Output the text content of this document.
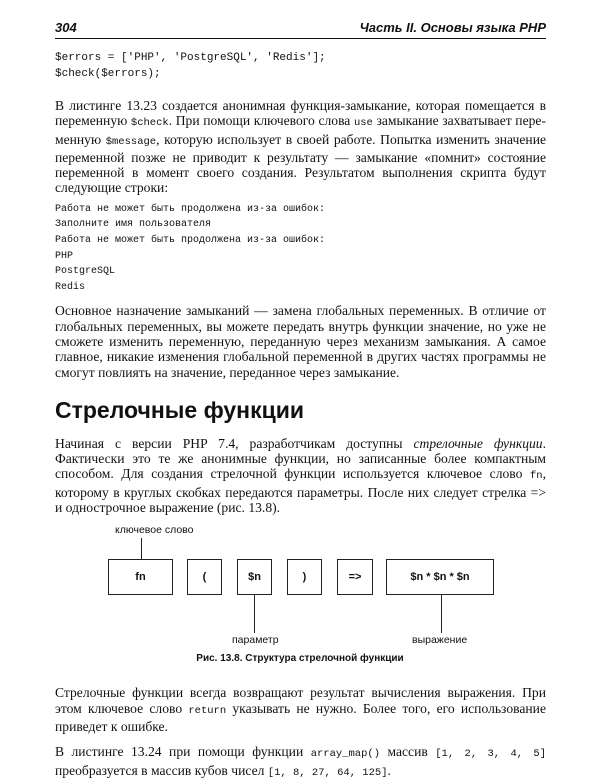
304	Часть II. Основы языка PHP
$errors = ['PHP', 'PostgreSQL', 'Redis'];
$check($errors);
В листинге 13.23 создается анонимная функция-замыкание, которая помещается в переменную $check. При помощи ключевого слова use замыкание захватывает переменную $message, которую использует в своей работе. Попытка изменить значение переменной позже не приводит к результату — замыкание «помнит» состояние переменной в момент своего создания. Результатом выполнения скрипта будут следующие строки:
Работа не может быть продолжена из-за ошибок:
Заполните имя пользователя
Работа не может быть продолжена из-за ошибок:
PHP
PostgreSQL
Redis
Основное назначение замыканий — замена глобальных переменных. В отличие от глобальных переменных, вы можете передать внутрь функции значение, но уже не сможете изменить переменную, переданную через механизм замыкания. А самое главное, никакие изменения глобальной переменной в других частях программы не смогут повлиять на значение, переданное через замыкание.
Стрелочные функции
Начиная с версии PHP 7.4, разработчикам доступны стрелочные функции. Фактически это те же анонимные функции, но записанные более компактным способом. Для создания стрелочной функции используется ключевое слово fn, которому в круглых скобках передаются параметры. После них следует стрелка => и однострочное выражение (рис. 13.8).
ключевое слово
fn	(	$n	)	=>	$n * $n * $n
параметр	выражение
Рис. 13.8. Структура стрелочной функции
Стрелочные функции всегда возвращают результат вычисления выражения. При этом ключевое слово return указывать не нужно. Более того, его использование приведет к ошибке.
В листинге 13.24 при помощи функции array_map() массив [1, 2, 3, 4, 5] преобразуется в массив кубов чисел [1, 8, 27, 64, 125].
